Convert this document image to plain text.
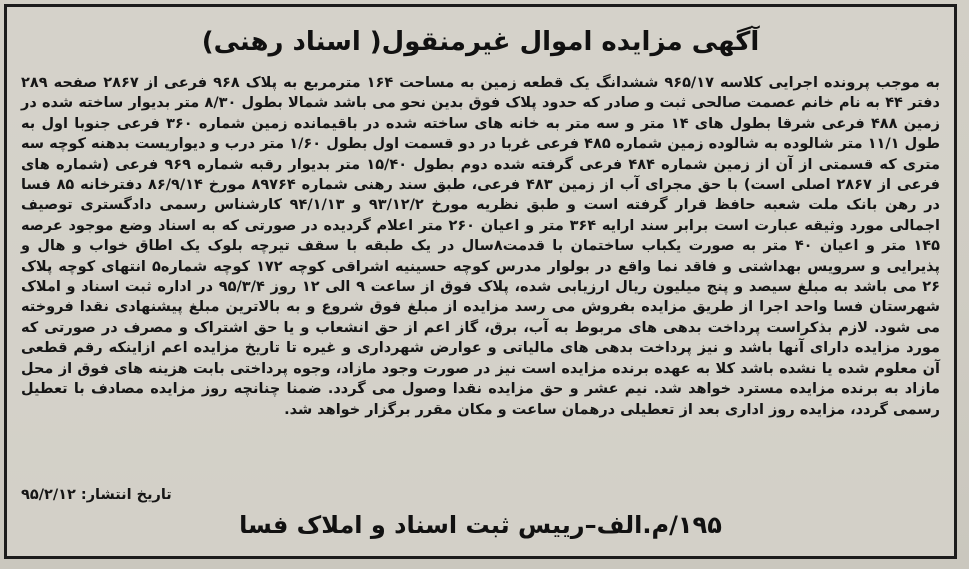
آگهی مزایده اموال غیرمنقول( اسناد رهنی)

به موجب پرونده اجرایی کلاسه ۹۶۵/۱۷ ششدانگ یک قطعه زمین به مساحت ۱۶۴ مترمربع به پلاک ۹۶۸ فرعی از ۲۸۶۷ صفحه ۲۸۹ دفتر ۴۴ به نام خانم عصمت صالحی ثبت و صادر که حدود پلاک فوق بدین نحو می باشد شمالا بطول ۸/۳۰ متر بدیوار ساخته شده در زمین ۴۸۸ فرعی شرقا بطول های ۱۴ متر و سه متر به خانه های ساخته شده در باقیمانده زمین شماره ۳۶۰ فرعی جنوبا اول به طول ۱۱/۱ متر شالوده به شالوده زمین شماره ۴۸۵ فرعی غربا در دو قسمت اول بطول ۱/۶۰ متر درب و دیواریست بدهنه کوچه سه متری که قسمتی از آن از زمین شماره ۴۸۴ فرعی گرفته شده دوم بطول ۱۵/۴۰ متر بدیوار رقبه شماره ۹۶۹ فرعی (شماره های فرعی از ۲۸۶۷ اصلی است) با حق مجرای آب از زمین ۴۸۳ فرعی، طبق سند رهنی شماره ۸۹۷۶۴ مورخ ۸۶/۹/۱۴ دفترخانه ۸۵ فسا در رهن بانک ملت شعبه حافظ قرار گرفته است و طبق نظریه مورخ ۹۳/۱۲/۲ و ۹۴/۱/۱۳ کارشناس رسمی دادگستری توصیف اجمالی مورد وثیقه عبارت است برابر سند ارایه ۳۶۴ متر و اعیان ۲۶۰ متر اعلام گردیده در صورتی که به اسناد وضع موجود عرصه ۱۴۵ متر و اعیان ۴۰ متر به صورت یکباب ساختمان با قدمت۸سال در یک طبقه با سقف تیرچه بلوک یک اطاق خواب و هال و پذیرایی و سرویس بهداشتی و فاقد نما واقع در بولوار مدرس کوچه حسینیه اشراقی کوچه ۱۷۲ کوچه شماره۵ انتهای کوچه پلاک ۲۶ می باشد به مبلغ سیصد و پنج میلیون ریال ارزیابی شده، پلاک فوق از ساعت ۹ الی ۱۲ روز ۹۵/۳/۴ در اداره ثبت اسناد و املاک شهرستان فسا واحد اجرا از طریق مزایده بفروش می رسد مزایده از مبلغ فوق شروع و به بالاترین مبلغ پیشنهادی نقدا فروخته می شود. لازم بذکراست پرداخت بدهی های مربوط به آب، برق، گاز اعم از حق انشعاب و یا حق اشتراک و مصرف در صورتی که مورد مزایده دارای آنها باشد و نیز پرداخت بدهی های مالیاتی و عوارض شهرداری و غیره تا تاریخ مزایده اعم ازاینکه رقم قطعی آن معلوم شده یا نشده باشد کلا به عهده برنده مزایده است نیز در صورت وجود مازاد، وجوه پرداختی بابت هزینه های فوق از محل مازاد به برنده مزایده مسترد خواهد شد. نیم عشر و حق مزایده نقدا وصول می گردد. ضمنا چنانچه روز مزایده مصادف با تعطیل رسمی گردد، مزایده روز اداری بعد از تعطیلی درهمان ساعت و مکان مقرر برگزار خواهد شد.

تاریخ انتشار: ۹۵/۲/۱۲

۱۹۵/م.الف–رییس ثبت اسناد و املاک فسا
